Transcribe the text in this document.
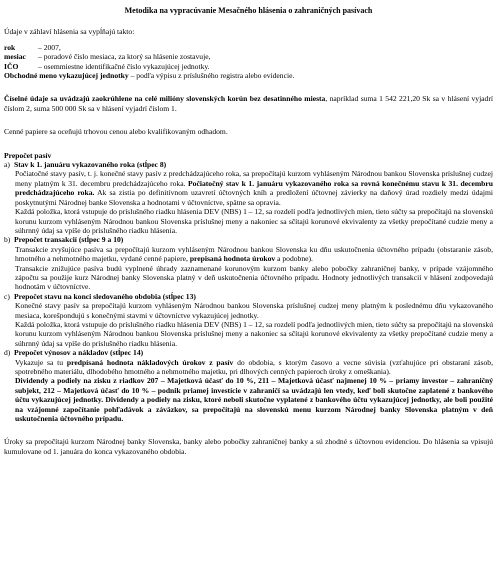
Metodika na vypracúvanie Mesačného hlásenia o zahraničných pasívach

Údaje v záhlaví hlásenia sa vypĺňajú takto:

rok	– 2007,
mesiac	– poradové číslo mesiaca, za ktorý sa hlásenie zostavuje,
IČO	– osemmiestne identifikačné číslo vykazujúcej jednotky.

Obchodné meno vykazujúcej jednotky – podľa výpisu z príslušného registra alebo evidencie.

Číselné údaje sa uvádzajú zaokrúhlene na celé milióny slovenských korún bez desatinného miesta, napríklad suma 1 542 221,20 Sk sa v hlásení vyjadrí číslom 2, suma 500 000 Sk sa v hlásení vyjadrí číslom 1.

Cenné papiere sa oceňujú trhovou cenou alebo kvalifikovaným odhadom.

Prepočet pasív

a) Stav k 1. januáru vykazovaného roka (stĺpec 8)

Počiatočné stavy pasív, t. j. konečné stavy pasív z predchádzajúceho roka, sa prepočítajú kurzom vyhláseným Národnou bankou Slovenska príslušnej cudzej meny platným k 31. decembru predchádzajúceho roka. Počiatočný stav k 1. januáru vykazovaného roka sa rovná konečnému stavu k 31. decembru predchádzajúceho roka. Ak sa zistia po definitívnom uzavretí účtovných kníh a predložení účtovnej závierky na daňový úrad rozdiely medzi údajmi poskytnutými Národnej banke Slovenska a hodnotami v účtovníctve, spätne sa opravia.

Každá položka, ktorá vstupuje do príslušného riadku hlásenia DEV (NBS) 1 – 12, sa rozdelí podľa jednotlivých mien, tieto súčty sa prepočítajú na slovenskú korunu kurzom vyhláseným Národnou bankou Slovenska príslušnej meny a nakoniec sa sčítajú korunové ekvivalenty za všetky prepočítané cudzie meny a súhrnný údaj sa vpíše do príslušného riadku hlásenia.

b) Prepočet transakcií (stĺpec 9 a 10)

Transakcie zvyšujúce pasíva sa prepočítajú kurzom vyhláseným Národnou bankou Slovenska ku dňu uskutočnenia účtovného prípadu (obstaranie zásob, hmotného a nehmotného majetku, vydané cenné papiere, prepisaná hodnota úrokov a podobne).

Transakcie znižujúce pasíva budú vyplnené úhrady zaznamenané korunovým kurzom banky alebo pobočky zahraničnej banky, v prípade vzájomného zápočtu sa použije kurz Národnej banky Slovenska platný v deň uskutočnenia účtovného prípadu. Hodnoty jednotlivých transakcií v hlásení zodpovedajú hodnotám v účtovníctve.

c) Prepočet stavu na konci sledovaného obdobia (stĺpec 13)

Konečné stavy pasív sa prepočítajú kurzom vyhláseným Národnou bankou Slovenska príslušnej cudzej meny platným k poslednému dňu vykazovaného mesiaca, korešpondujú s konečnými stavmi v účtovníctve vykazujúcej jednotky.

Každá položka, ktorá vstupuje do príslušného riadku hlásenia DEV (NBS) 1 – 12, sa rozdelí podľa jednotlivých mien, tieto súčty sa prepočítajú na slovenskú korunu kurzom vyhláseným Národnou bankou Slovenska príslušnej meny a nakoniec sa sčítajú korunové ekvivalenty za všetky prepočítané cudzie meny a súhrnný údaj sa vpíše do príslušného riadku hlásenia.

d) Prepočet výnosov a nákladov (stĺpec 14)

Vykazuje sa tu predpísaná hodnota nákladových úrokov z pasív do obdobia, s ktorým časovo a vecne súvisia (vzťahujúce pri obstaraní zásob, spotrebného materiálu, dlhodobého hmotného a nehmotného majetku, pri dlhových cenných papieroch úroky z omeškania).

Dividendy a podiely na zisku z riadkov 207 – Majetková účasť do 10 %, 211 – Majetková účasť najmenej 10 % – priamy investor – zahraničný subjekt, 212 – Majetková účasť do 10 % – podnik priamej investície v zahraničí sa uvádzajú len vtedy, keď boli skutočne zaplatené z bankového účtu vykazujúcej jednotky. Dividendy a podiely na zisku, ktoré neboli skutočne vyplatené z bankového účtu vykazujúcej jednotky, ale boli použité na vzájomné započítanie pohľadávok a záväzkov, sa prepočítajú na slovenskú menu kurzom Národnej banky Slovenska platným v deň uskutočnenia účtovného prípadu.

Úroky sa prepočítajú kurzom Národnej banky Slovenska, banky alebo pobočky zahraničnej banky a sú zhodné s účtovnou evidenciou. Do hlásenia sa vpisujú kumulovane od 1. januára do konca vykazovaného obdobia.
